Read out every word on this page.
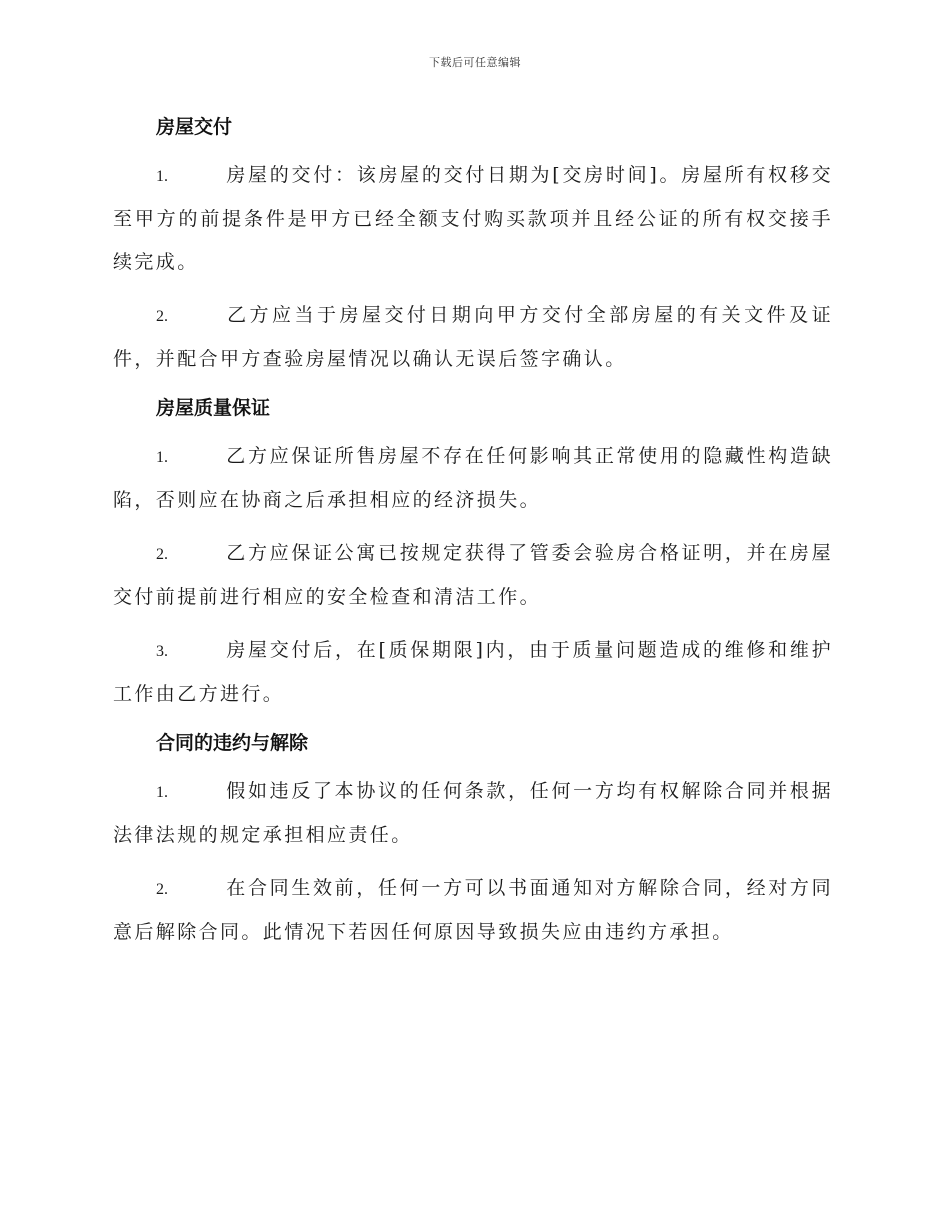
下载后可任意编辑

房屋交付

1.	房屋的交付：该房屋的交付日期为[交房时间]。房屋所有权移交至甲方的前提条件是甲方已经全额支付购买款项并且经公证的所有权交接手续完成。

2.	乙方应当于房屋交付日期向甲方交付全部房屋的有关文件及证件，并配合甲方查验房屋情况以确认无误后签字确认。

房屋质量保证

1.	乙方应保证所售房屋不存在任何影响其正常使用的隐藏性构造缺陷，否则应在协商之后承担相应的经济损失。

2.	乙方应保证公寓已按规定获得了管委会验房合格证明，并在房屋交付前提前进行相应的安全检查和清洁工作。

3.	房屋交付后，在[质保期限]内，由于质量问题造成的维修和维护工作由乙方进行。

合同的违约与解除

1.	假如违反了本协议的任何条款，任何一方均有权解除合同并根据法律法规的规定承担相应责任。

2.	在合同生效前，任何一方可以书面通知对方解除合同，经对方同意后解除合同。此情况下若因任何原因导致损失应由违约方承担。
